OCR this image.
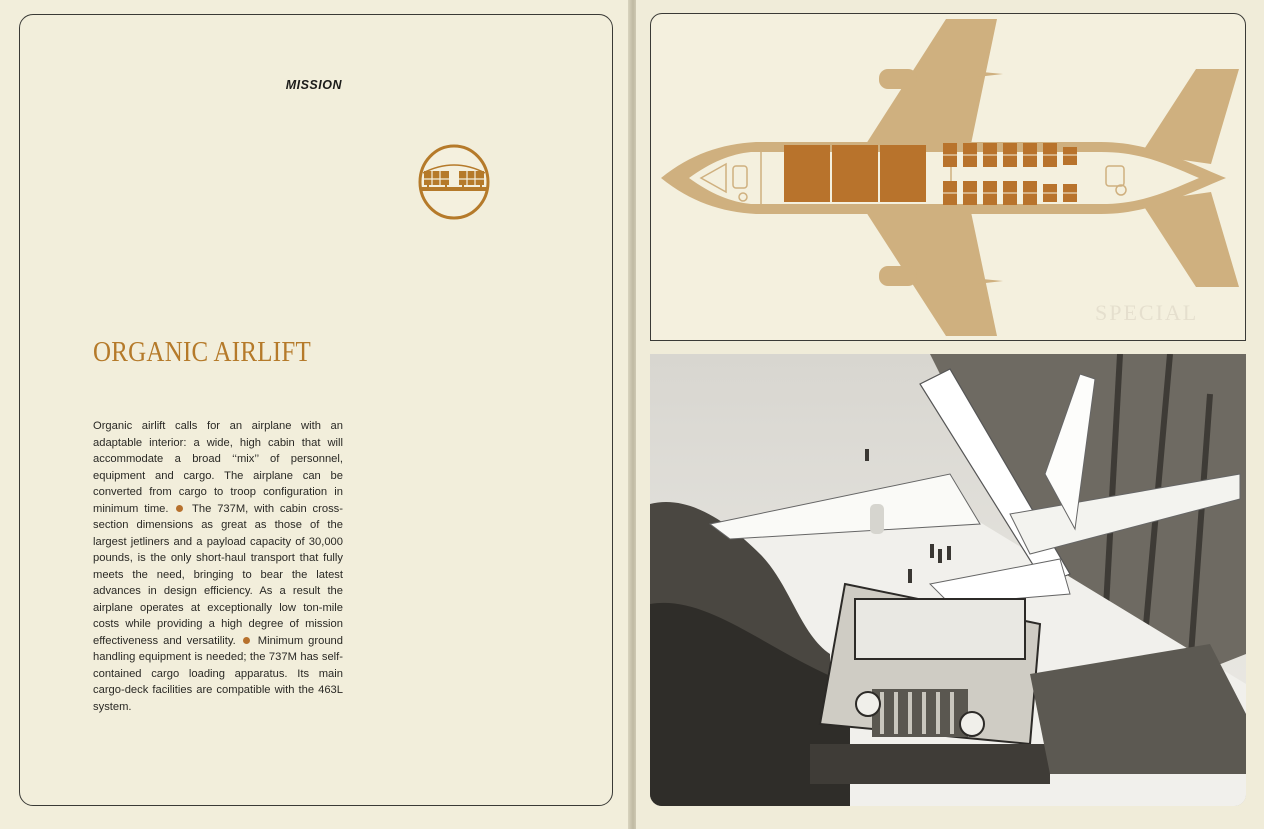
MISSION
ORGANIC AIRLIFT
Organic airlift calls for an airplane with an adaptable interior: a wide, high cabin that will accommodate a broad ‘‘mix’’ of personnel, equipment and cargo. The airplane can be converted from cargo to troop configuration in minimum time. The 737M, with cabin cross-section dimensions as great as those of the largest jetliners and a payload capacity of 30,000 pounds, is the only short-haul transport that fully meets the need, bringing to bear the latest advances in design efficiency. As a result the airplane operates at exceptionally low ton-mile costs while providing a high degree of mission effectiveness and versatility. Minimum ground handling equipment is needed; the 737M has self-contained cargo loading apparatus. Its main cargo-deck facilities are compatible with the 463L system.
SPECIAL
